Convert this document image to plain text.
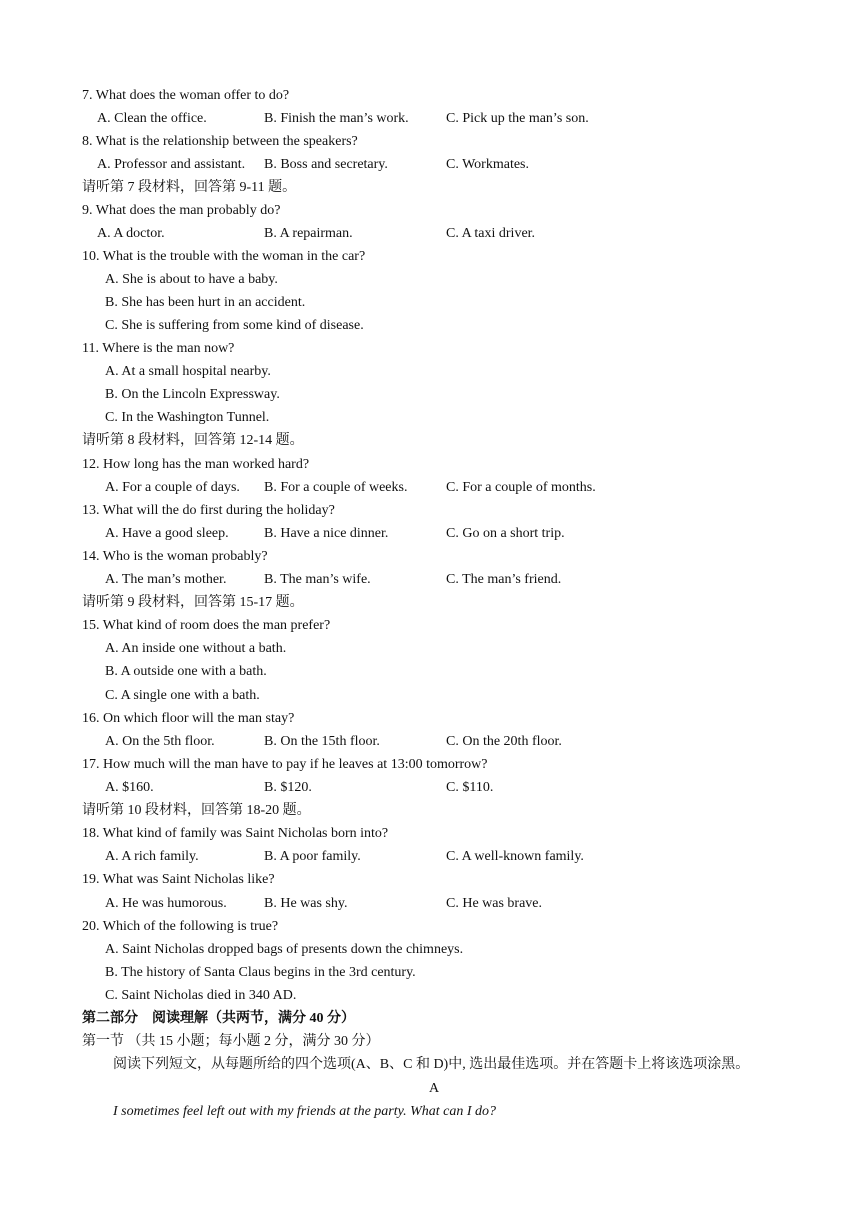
7. What does the woman offer to do?
A. Clean the office.	B. Finish the man’s work.	C. Pick up the man’s son.
8. What is the relationship between the speakers?
A. Professor and assistant. B. Boss and secretary.	C. Workmates.
请听第 7 段材料，回答第 9-11 题。
9. What does the man probably do?
A. A doctor.	B. A repairman.	C. A taxi driver.
10. What is the trouble with the woman in the car?
A. She is about to have a baby.
B. She has been hurt in an accident.
C. She is suffering from some kind of disease.
11. Where is the man now?
A. At a small hospital nearby.
B. On the Lincoln Expressway.
C. In the Washington Tunnel.
请听第 8 段材料，回答第 12-14 题。
12. How long has the man worked hard?
A. For a couple of days. B. For a couple of weeks.	C. For a couple of months.
13. What will the do first during the holiday?
A. Have a good sleep.	B. Have a nice dinner.	C. Go on a short trip.
14. Who is the woman probably?
A. The man’s mother.	B. The man’s wife.	C. The man’s friend.
请听第 9 段材料，回答第 15-17 题。
15. What kind of room does the man prefer?
A. An inside one without a bath.
B. A outside one with a bath.
C. A single one with a bath.
16. On which floor will the man stay?
A. On the 5th floor.	B. On the 15th floor.	C. On the 20th floor.
17. How much will the man have to pay if he leaves at 13:00 tomorrow?
A. $160.	B. $120.	C. $110.
请听第 10 段材料，回答第 18-20 题。
18. What kind of family was Saint Nicholas born into?
A. A rich family.	B. A poor family.	C. A well-known family.
19. What was Saint Nicholas like?
A. He was humorous.	B. He was shy.	C. He was brave.
20. Which of the following is true?
A. Saint Nicholas dropped bags of presents down the chimneys.
B. The history of Santa Claus begins in the 3rd century.
C. Saint Nicholas died in 340 AD.
第二部分　阅读理解（共两节，满分 40 分）
第一节 （共 15 小题；每小题 2 分，满分 30 分）
阅读下列短文，从每题所给的四个选项(A、B、C 和 D)中, 选出最佳选项。并在答题卡上将该选项涂黑。
A
I sometimes feel left out with my friends at the party. What can I do?
